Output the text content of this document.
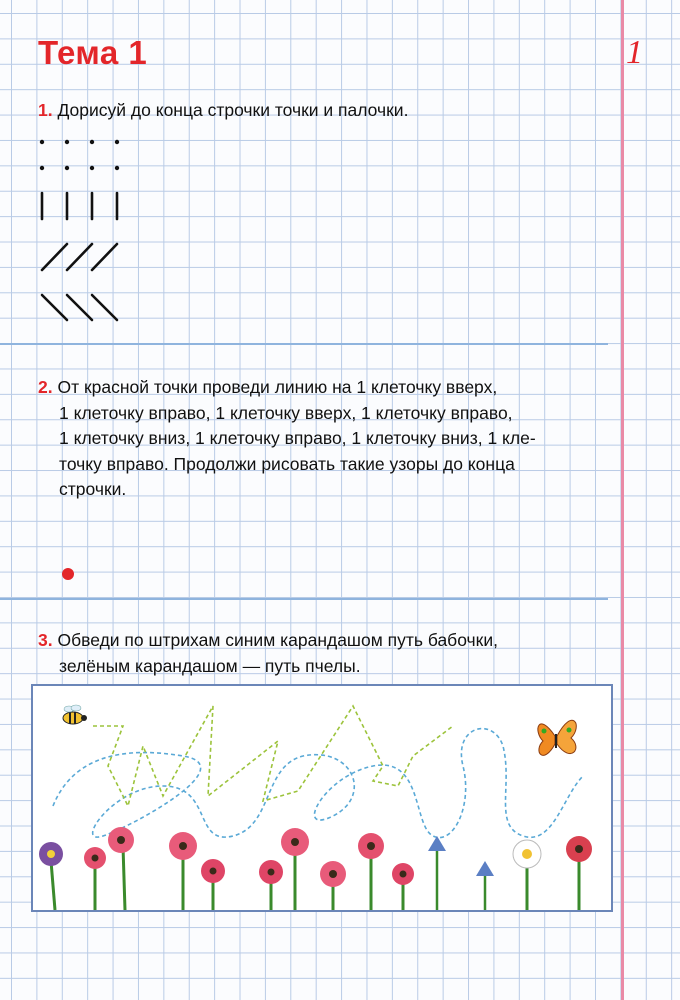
Тема 1	1

1. Дорисуй до конца строчки точки и палочки.

2. От красной точки проведи линию на 1 клеточку вверх,
1 клеточку вправо, 1 клеточку вверх, 1 клеточку вправо,
1 клеточку вниз, 1 клеточку вправо, 1 клеточку вниз, 1 кле-
точку вправо. Продолжи рисовать такие узоры до конца
строчки.
3. Обведи по штрихам синим карандашом путь бабочки,
зелёным карандашом — путь пчелы.
